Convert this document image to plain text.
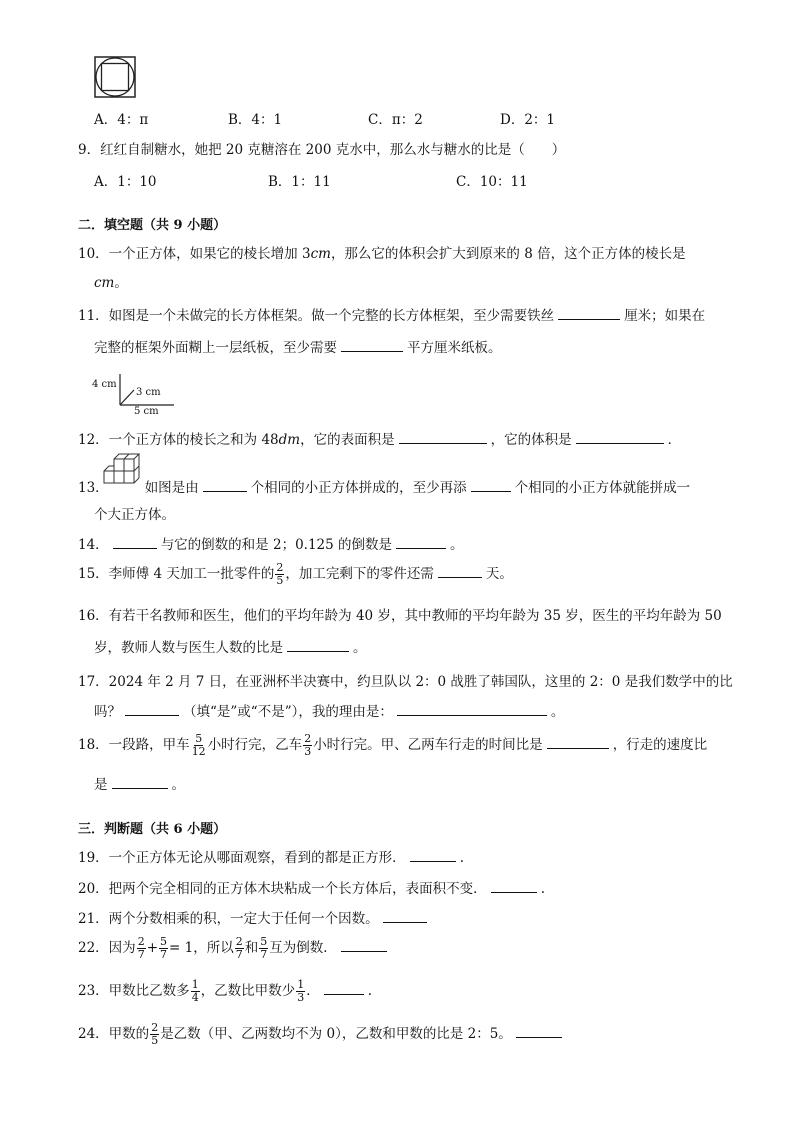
A．4：π	B．4：1	C．π：2	D．2：1
9．红红自制糖水，她把 20 克糖溶在 200 克水中，那么水与糖水的比是（　　）
A．1：10	B．1：11	C．10：11
二．填空题（共 9 小题）
10．一个正方体，如果它的棱长增加 3cm，那么它的体积会扩大到原来的 8 倍，这个正方体的棱长是
cm。
11．如图是一个未做完的长方体框架。做一个完整的长方体框架，至少需要铁丝	厘米；如果在
完整的框架外面糊上一层纸板，至少需要	平方厘米纸板。
4 cm
3 cm
5 cm
12．一个正方体的棱长之和为 48dm，它的表面积是	，它的体积是	．
13．	如图是由	个相同的小正方体拼成的，至少再添	个相同的小正方体就能拼成一
个大正方体。
14．	与它的倒数的和是 2；0.125 的倒数是	。
15．李师傅 4 天加工一批零件的 $\frac{2}{5}$ ，加工完剩下的零件还需	天。
16．有若干名教师和医生，他们的平均年龄为 40 岁，其中教师的平均年龄为 35 岁，医生的平均年龄为 50
岁，教师人数与医生人数的比是	。
17．2024 年 2 月 7 日，在亚洲杯半决赛中，约旦队以 2：0 战胜了韩国队，这里的 2：0 是我们数学中的比
吗？	（填“是”或“不是”），我的理由是：	。
18．一段路，甲车 $\frac{5}{12}$ 小时行完，乙车 $\frac{2}{3}$ 小时行完。甲、乙两车行走的时间比是	，行走的速度比
是	。
三．判断题（共 6 小题）
19．一个正方体无论从哪面观察，看到的都是正方形．	.
20．把两个完全相同的正方体木块粘成一个长方体后，表面积不变．	.
21．两个分数相乘的积，一定大于任何一个因数。
22．因为 $\frac{2}{7} + \frac{5}{7} = 1$，所以 $\frac{2}{7}$ 和 $\frac{5}{7}$ 互为倒数．
23．甲数比乙数多 $\frac{1}{4}$ ，乙数比甲数少 $\frac{1}{3}$ ．	.
24．甲数的 $\frac{2}{5}$ 是乙数（甲、乙两数均不为 0），乙数和甲数的比是 2：5。
